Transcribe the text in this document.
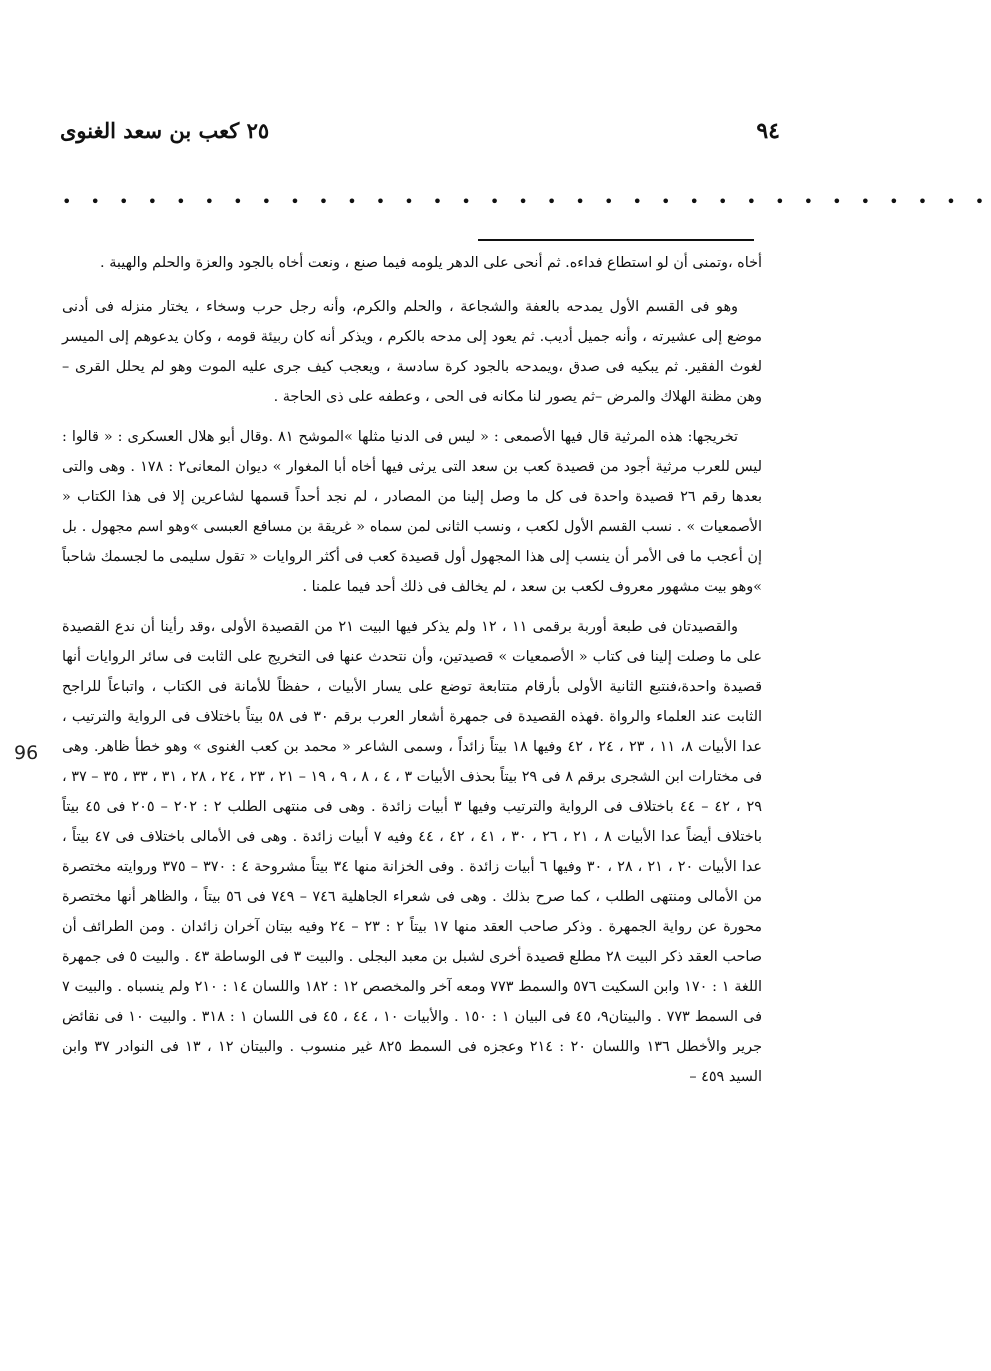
٢٥ كعب بن سعد الغنوى	٩٤
• • • • • • • • • • • • • • • • • • • • • • • • • • • • • • • • •
96

أخاه ،وتمنى أن لو استطاع فداءه. ثم أنحى على الدهر يلومه فيما صنع ، ونعت أخاه بالجود والعزة والحلم والهيبة .

وهو فى القسم الأول يمدحه بالعفة والشجاعة ، والحلم والكرم، وأنه رجل حرب وسخاء ، يختار منزله فى أدنى موضع إلى عشيرته ، وأنه جميل أديب. ثم يعود إلى مدحه بالكرم ، ويذكر أنه كان ربيئة قومه ، وكان يدعوهم إلى الميسر لغوث الفقير. ثم يبكيه فى صدق ،ويمدحه بالجود كرة سادسة ، ويعجب كيف جرى عليه الموت وهو لم يحلل القرى – وهن مظنة الهلاك والمرض –ثم يصور لنا مكانه فى الحى ، وعطفه على ذى الحاجة .

تخريجها: هذه المرثية قال فيها الأصمعى : « ليس فى الدنيا مثلها »الموشح ٨١ .وقال أبو هلال العسكرى : « قالوا : ليس للعرب مرثية أجود من قصيدة كعب بن سعد التى يرثى فيها أخاه أبا المغوار » ديوان المعانى٢ : ١٧٨ . وهى والتى بعدها رقم ٢٦ قصيدة واحدة فى كل ما وصل إلينا من المصادر ، لم نجد أحداً قسمها لشاعرين إلا فى هذا الكتاب « الأصمعيات » . نسب القسم الأول لكعب ، ونسب الثانى لمن سماه « غريقة بن مسافع العبسى »وهو اسم مجهول . بل إن أعجب ما فى الأمر أن ينسب إلى هذا المجهول أول قصيدة كعب فى أكثر الروايات « تقول سليمى ما لجسمك شاحباً »وهو بيت مشهور معروف لكعب بن سعد ، لم يخالف فى ذلك أحد فيما علمنا .

والقصيدتان فى طبعة أوربة برقمى ١١ ، ١٢ ولم يذكر فيها البيت ٢١ من القصيدة الأولى ،وقد رأينا أن ندع القصيدة على ما وصلت إلينا فى كتاب « الأصمعيات » قصيدتين، وأن نتحدث عنها فى التخريج على الثابت فى سائر الروايات أنها قصيدة واحدة،فنتبع الثانية الأولى بأرقام متتابعة توضع على يسار الأبيات ، حفظاً للأمانة فى الكتاب ، واتباعاً للراجح الثابت عند العلماء والرواة .فهذه القصيدة فى جمهرة أشعار العرب برقم ٣٠ فى ٥٨ بيتاً باختلاف فى الرواية والترتيب ، عدا الأبيات ٨، ١١ ، ٢٣ ، ٢٤ ، ٤٢ وفيها ١٨ بيتاً زائداً ، وسمى الشاعر « محمد بن كعب الغنوى » وهو خطأ ظاهر. وهى فى مختارات ابن الشجرى برقم ٨ فى ٢٩ بيتاً بحذف الأبيات ٣ ، ٤ ، ٨ ، ٩ ، ١٩ – ٢١ ، ٢٣ ، ٢٤ ، ٢٨ ، ٣١ ، ٣٣ ، ٣٥ – ٣٧ ، ٢٩ ، ٤٢ – ٤٤ باختلاف فى الرواية والترتيب وفيها ٣ أبيات زائدة . وهى فى منتهى الطلب ٢ : ٢٠٢ – ٢٠٥ فى ٤٥ بيتاً باختلاف أيضاً عدا الأبيات ٨ ، ٢١ ، ٢٦ ، ٣٠ ، ٤١ ، ٤٢ ، ٤٤ وفيه ٧ أبيات زائدة . وهى فى الأمالى باختلاف فى ٤٧ بيتاً ، عدا الأبيات ٢٠ ، ٢١ ، ٢٨ ، ٣٠ وفيها ٦ أبيات زائدة . وفى الخزانة منها ٣٤ بيتاً مشروحة ٤ : ٣٧٠ – ٣٧٥ وروايته مختصرة من الأمالى ومنتهى الطلب ، كما صرح بذلك . وهى فى شعراء الجاهلية ٧٤٦ – ٧٤٩ فى ٥٦ بيتاً ، والظاهر أنها مختصرة محورة عن رواية الجمهرة . وذكر صاحب العقد منها ١٧ بيتاً ٢ : ٢٣ – ٢٤ وفيه بيتان آخران زائدان . ومن الطرائف أن صاحب العقد ذكر البيت ٢٨ مطلع قصيدة أخرى لشبل بن معبد البجلى . والبيت ٣ فى الوساطة ٤٣ . والبيت ٥ فى جمهرة اللغة ١ : ١٧٠ وابن السكيت ٥٧٦ والسمط ٧٧٣ ومعه آخر والمخصص ١٢ : ١٨٢ واللسان ١٤ : ٢١٠ ولم ينسباه . والبيت ٧ فى السمط ٧٧٣ . والبيتان٩، ٤٥ فى البيان ١ : ١٥٠ . والأبيات ١٠ ، ٤٤ ، ٤٥ فى اللسان ١ : ٣١٨ . والبيت ١٠ فى نقائض جرير والأخطل ١٣٦ واللسان ٢٠ : ٢١٤ وعجزه فى السمط ٨٢٥ غير منسوب . والبيتان ١٢ ، ١٣ فى النوادر ٣٧ وابن السيد ٤٥٩ –
